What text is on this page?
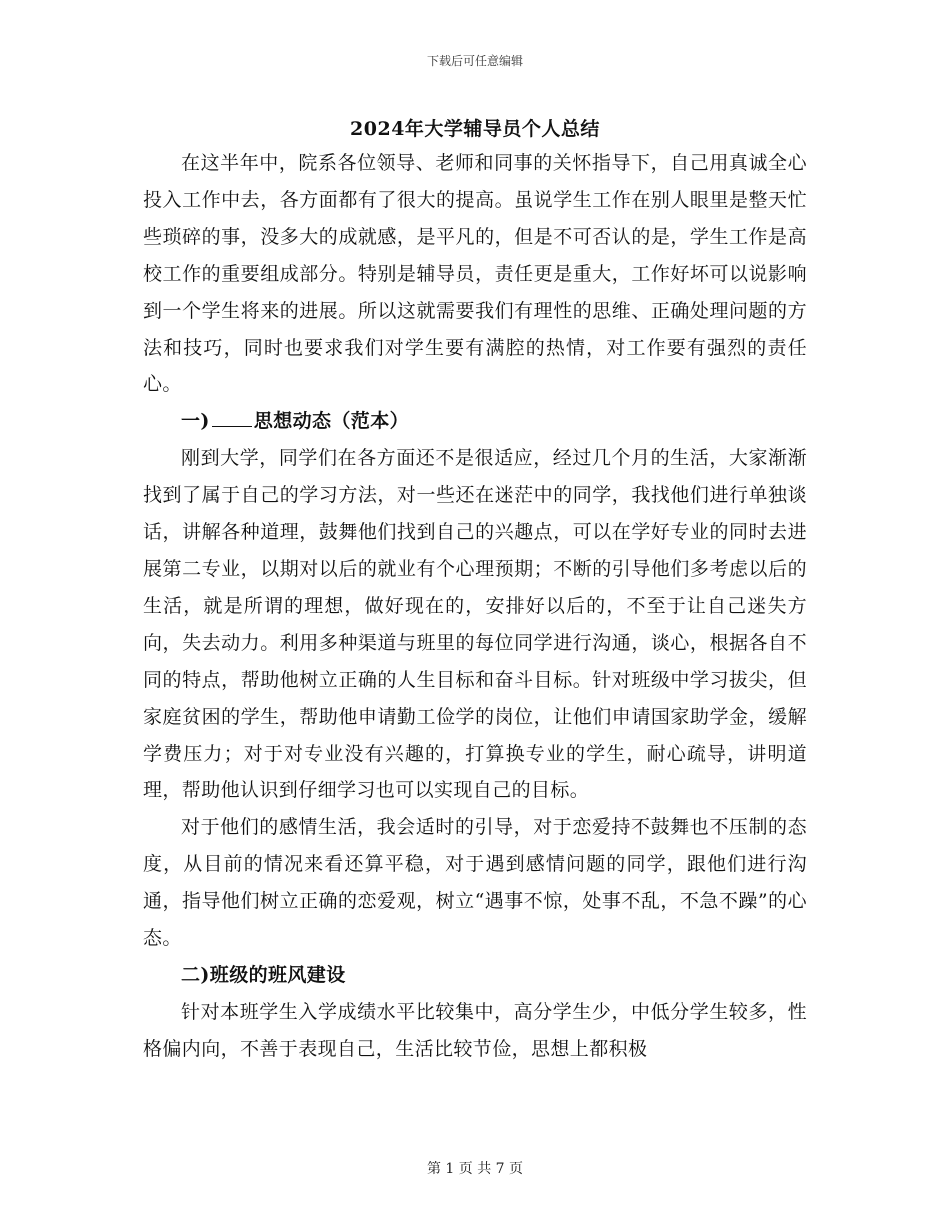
下载后可任意编辑
2024年大学辅导员个人总结

在这半年中，院系各位领导、老师和同事的关怀指导下，自己用真诚全心投入工作中去，各方面都有了很大的提高。虽说学生工作在别人眼里是整天忙些琐碎的事，没多大的成就感，是平凡的，但是不可否认的是，学生工作是高校工作的重要组成部分。特别是辅导员，责任更是重大，工作好坏可以说影响到一个学生将来的进展。所以这就需要我们有理性的思维、正确处理问题的方法和技巧，同时也要求我们对学生要有满腔的热情，对工作要有强烈的责任心。

一) 思想动态（范本）

刚到大学，同学们在各方面还不是很适应，经过几个月的生活，大家渐渐找到了属于自己的学习方法，对一些还在迷茫中的同学，我找他们进行单独谈话，讲解各种道理，鼓舞他们找到自己的兴趣点，可以在学好专业的同时去进展第二专业，以期对以后的就业有个心理预期；不断的引导他们多考虑以后的生活，就是所谓的理想，做好现在的，安排好以后的，不至于让自己迷失方向，失去动力。利用多种渠道与班里的每位同学进行沟通，谈心，根据各自不同的特点，帮助他树立正确的人生目标和奋斗目标。针对班级中学习拔尖，但家庭贫困的学生，帮助他申请勤工俭学的岗位，让他们申请国家助学金，缓解学费压力；对于对专业没有兴趣的，打算换专业的学生，耐心疏导，讲明道理，帮助他认识到仔细学习也可以实现自己的目标。

对于他们的感情生活，我会适时的引导，对于恋爱持不鼓舞也不压制的态度，从目前的情况来看还算平稳，对于遇到感情问题的同学，跟他们进行沟通，指导他们树立正确的恋爱观，树立“遇事不惊，处事不乱，不急不躁”的心态。

二)班级的班风建设

针对本班学生入学成绩水平比较集中，高分学生少，中低分学生较多，性格偏内向，不善于表现自己，生活比较节俭，思想上都积极

第 1 页 共 7 页
